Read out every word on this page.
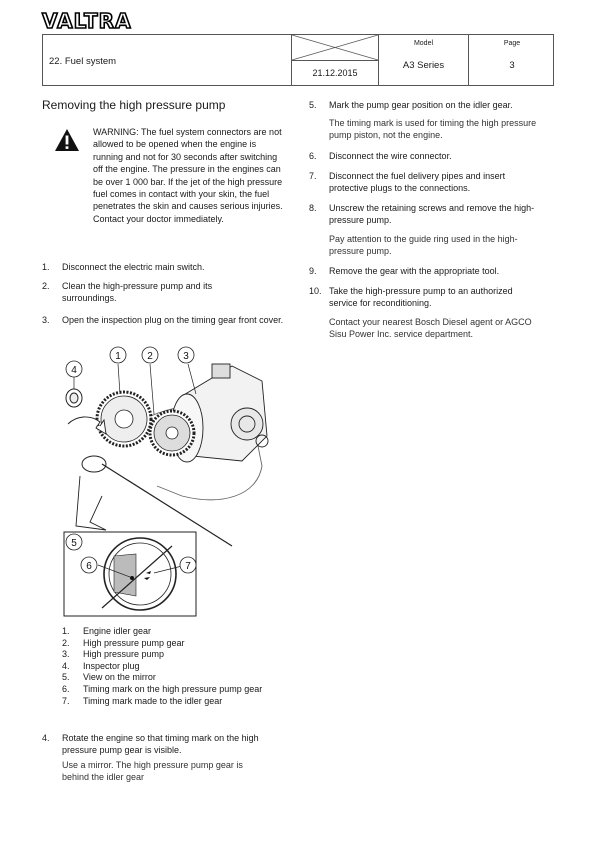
VALTRA
22. Fuel system
21.12.2015
Model
A3 Series
Page
3
Removing the high pressure pump
WARNING: The fuel system connectors are not allowed to be opened when the engine is running and not for 30 seconds after switching off the engine. The pressure in the engines can be over 1 000 bar. If the jet of the high pressure fuel comes in contact with your skin, the fuel penetrates the skin and causes serious injuries. Contact your doctor immediately.
1. Disconnect the electric main switch.
2. Clean the high-pressure pump and its surroundings.
3. Open the inspection plug on the timing gear front cover.
1	2	3
4
5
6	7
1.	Engine idler gear
2.	High pressure pump gear
3.	High pressure pump
4.	Inspector plug
5.	View on the mirror
6.	Timing mark on the high pressure pump gear
7.	Timing mark made to the idler gear
4. Rotate the engine so that timing mark on the high pressure pump gear is visible.
Use a mirror. The high pressure pump gear is behind the idler gear
5. Mark the pump gear position on the idler gear.
The timing mark is used for timing the high pressure pump piston, not the engine.
6. Disconnect the wire connector.
7. Disconnect the fuel delivery pipes and insert protective plugs to the connections.
8. Unscrew the retaining screws and remove the high-pressure pump.
Pay attention to the guide ring used in the high-pressure pump.
9. Remove the gear with the appropriate tool.
10. Take the high-pressure pump to an authorized service for reconditioning.
Contact your nearest Bosch Diesel agent or AGCO Sisu Power Inc. service department.
